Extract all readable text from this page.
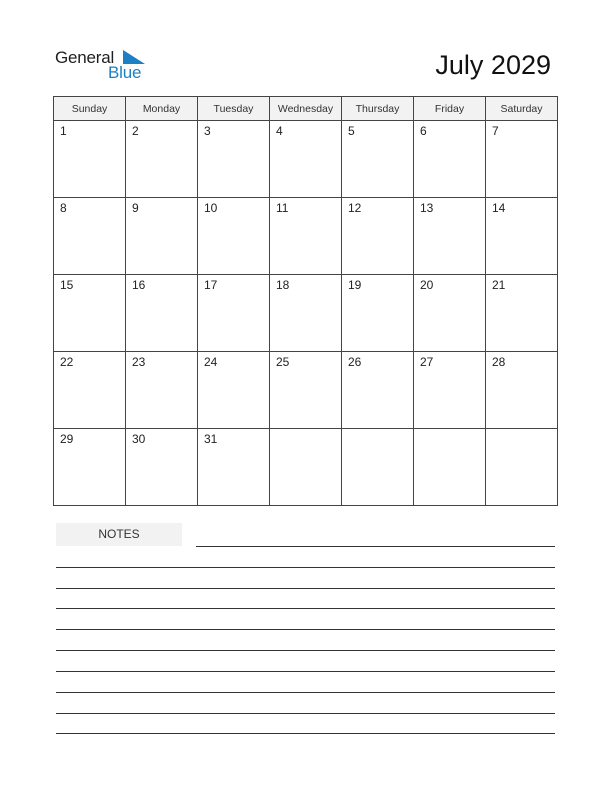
General
Blue	July 2029
Sunday	Monday	Tuesday	Wednesday	Thursday	Friday	Saturday

1	2	3	4	5	6	7

8	9	10	11	12	13	14

15	16	17	18	19	20	21

22	23	24	25	26	27	28

29	30	31				

NOTES
